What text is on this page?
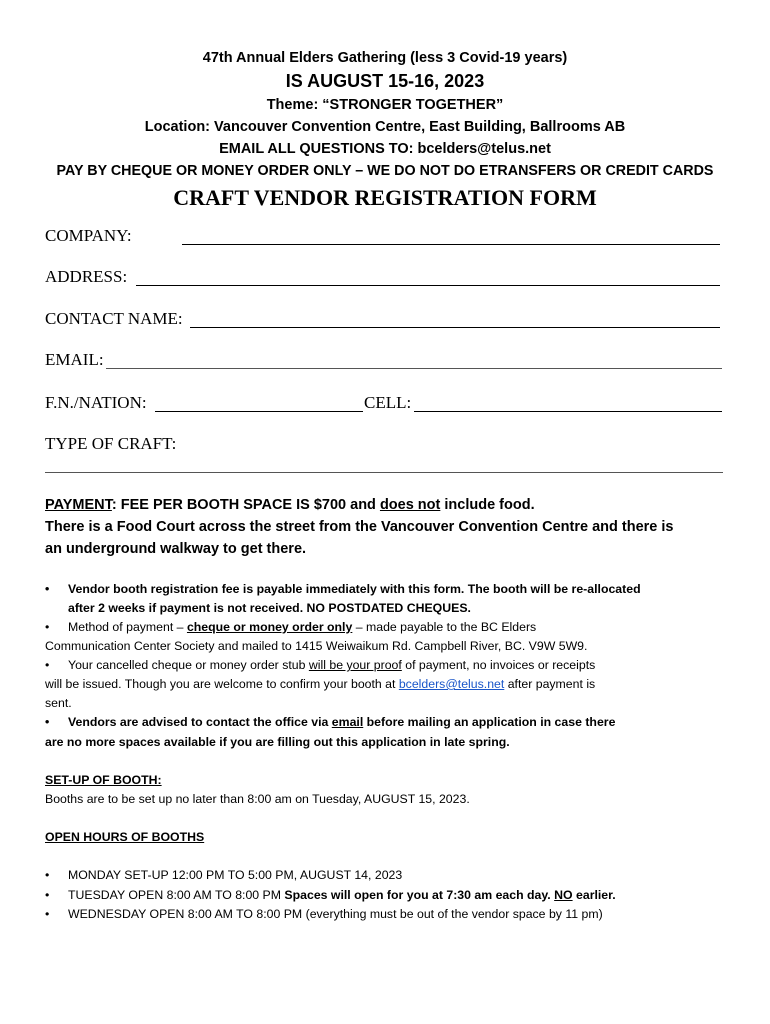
47th Annual Elders Gathering (less 3 Covid-19 years)
IS AUGUST 15-16, 2023
Theme: “STRONGER TOGETHER”
Location: Vancouver Convention Centre, East Building, Ballrooms AB
EMAIL ALL QUESTIONS TO: bcelders@telus.net
PAY BY CHEQUE OR MONEY ORDER ONLY – WE DO NOT DO ETRANSFERS OR CREDIT CARDS
CRAFT VENDOR REGISTRATION FORM
COMPANY:
ADDRESS:
CONTACT NAME:
EMAIL:
F.N./NATION:	CELL:
TYPE OF CRAFT:
PAYMENT: FEE PER BOOTH SPACE IS $700 and does not include food.
There is a Food Court across the street from the Vancouver Convention Centre and there is
an underground walkway to get there.
• Vendor booth registration fee is payable immediately with this form. The booth will be re-allocated
after 2 weeks if payment is not received. NO POSTDATED CHEQUES.
• Method of payment – cheque or money order only – made payable to the BC Elders
Communication Center Society and mailed to 1415 Weiwaikum Rd. Campbell River, BC. V9W 5W9.
• Your cancelled cheque or money order stub will be your proof of payment, no invoices or receipts
will be issued. Though you are welcome to confirm your booth at bcelders@telus.net after payment is
sent.
• Vendors are advised to contact the office via email before mailing an application in case there
are no more spaces available if you are filling out this application in late spring.
SET-UP OF BOOTH:
Booths are to be set up no later than 8:00 am on Tuesday, AUGUST 15, 2023.
OPEN HOURS OF BOOTHS
• MONDAY SET-UP 12:00 PM TO 5:00 PM, AUGUST 14, 2023
• TUESDAY OPEN 8:00 AM TO 8:00 PM Spaces will open for you at 7:30 am each day. NO earlier.
• WEDNESDAY OPEN 8:00 AM TO 8:00 PM (everything must be out of the vendor space by 11 pm)
